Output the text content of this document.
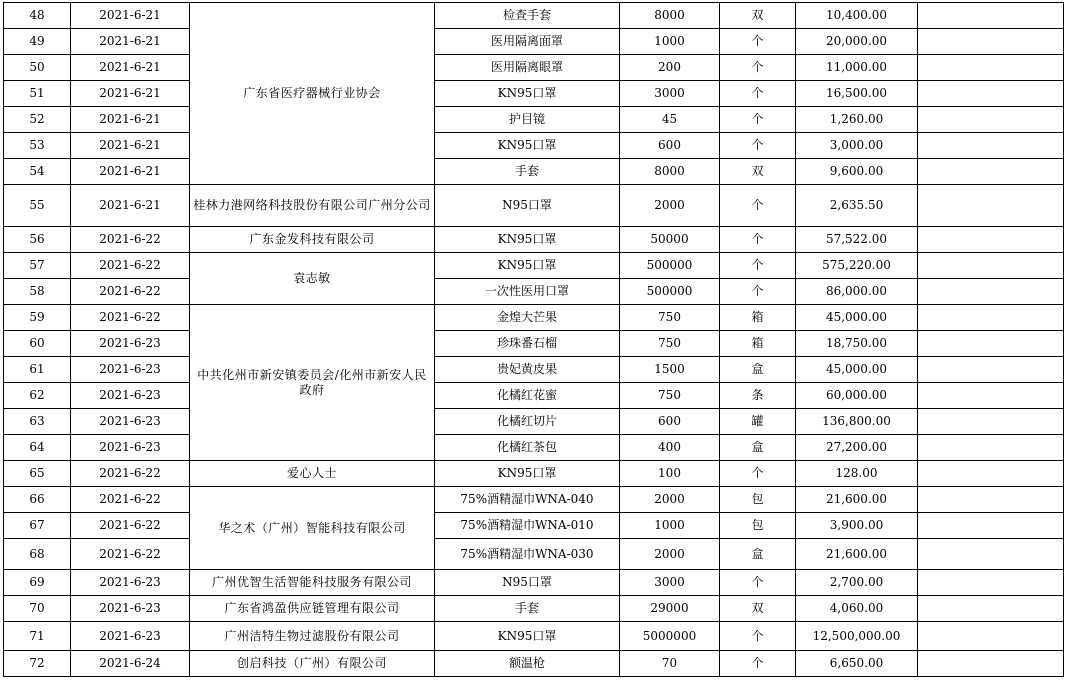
48	2021-6-21	广东省医疗器械行业协会	检查手套	8000	双	10,400.00	
49	2021-6-21		医用隔离面罩	1000	个	20,000.00	
50	2021-6-21		医用隔离眼罩	200	个	11,000.00	
51	2021-6-21		KN95口罩	3000	个	16,500.00	
52	2021-6-21		护目镜	45	个	1,260.00	
53	2021-6-21		KN95口罩	600	个	3,000.00	
54	2021-6-21		手套	8000	双	9,600.00	
55	2021-6-21	桂林力港网络科技股份有限公司广州分公司	N95口罩	2000	个	2,635.50	
56	2021-6-22	广东金发科技有限公司	KN95口罩	50000	个	57,522.00	
57	2021-6-22	袁志敏	KN95口罩	500000	个	575,220.00	
58	2021-6-22		一次性医用口罩	500000	个	86,000.00	
59	2021-6-22	中共化州市新安镇委员会/化州市新安人民政府	金煌大芒果	750	箱	45,000.00	
60	2021-6-23		珍珠番石榴	750	箱	18,750.00	
61	2021-6-23		贵妃黄皮果	1500	盒	45,000.00	
62	2021-6-23		化橘红花蜜	750	条	60,000.00	
63	2021-6-23		化橘红切片	600	罐	136,800.00	
64	2021-6-23		化橘红茶包	400	盒	27,200.00	
65	2021-6-22	爱心人士	KN95口罩	100	个	128.00	
66	2021-6-22	华之术（广州）智能科技有限公司	75%酒精湿巾WNA-040	2000	包	21,600.00	
67	2021-6-22		75%酒精湿巾WNA-010	1000	包	3,900.00	
68	2021-6-22		75%酒精湿巾WNA-030	2000	盒	21,600.00	
69	2021-6-23	广州优智生活智能科技服务有限公司	N95口罩	3000	个	2,700.00	
70	2021-6-23	广东省鸿盈供应链管理有限公司	手套	29000	双	4,060.00	
71	2021-6-23	广州洁特生物过滤股份有限公司	KN95口罩	5000000	个	12,500,000.00	
72	2021-6-24	创启科技（广州）有限公司	额温枪	70	个	6,650.00	
